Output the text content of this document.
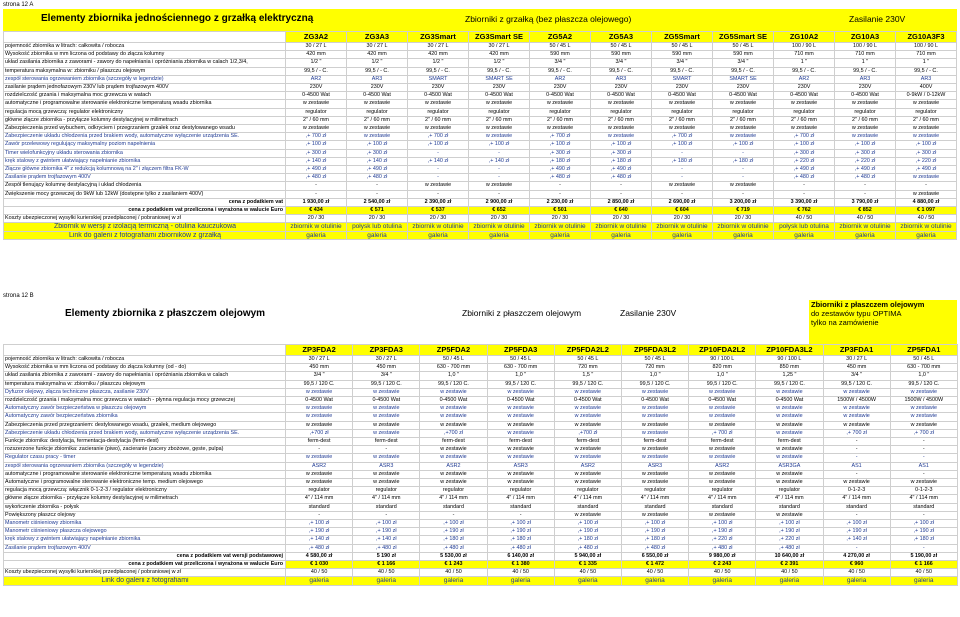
strona 12 A
Elementy zbiornika jednościennego z grzałką elektryczną	Zbiorniki z grzałką (bez płaszcza olejowego)	Zasilanie 230V
	ZG3A2	ZG3A3	ZG3Smart	ZG3Smart SE	ZG5A2	ZG5A3	ZG5Smart	ZG5Smart SE	ZG10A2	ZG10A3	ZG10A3F3
pojemność zbiornika w litrach: całkowita / robocza	30 / 27 L	30 / 27 L	30 / 27 L	30 / 27 L	50 / 45 L	50 / 45 L	50 / 45 L	50 / 45 L	100 / 90 L	100 / 90 L	100 / 90 L
Wysokość zbiornika w mm liczona od podstawy do złącza kolumny	420 mm	420 mm	420 mm	420 mm	590 mm	590 mm	590 mm	590 mm	710 mm	710 mm	710 mm
układ zasilania zbiornika z zaworami - zawory do napełniania i opróżniania zbiornika w calach 1/2,3/4,	1/2 "	1/2 "	1/2 "	1/2 "	3/4 "	3/4 "	3/4 "	3/4 "	1 "	1 "	1 "
temperatura maksymalna w: zbiorniku / płaszczu olejowym	99,5 / - C.	99,5 / - C.	99,5 / - C.	99,5 / - C.	99,5 / - C.	99,5 / - C.	99,5 / - C.	99,5 / - C.	99,5 / - C.	99,5 / - C.	99,5 / - C.
zespół sterowania ogrzewaniem zbiornika (szczegóły w legendzie)	AR2	AR3	SMART	SMART SE	AR2	AR3	SMART	SMART SE	AR2	AR3	AR3
zasilanie prądem jednofazowym 230V lub prądem trojfazowym 400V	230V	230V	230V	230V	230V	230V	230V	230V	230V	230V	400V
rozdzielczość grzania i maksymalna moc grzewcza w watach	0-4500 Wat	0-4500 Wat	0-4500 Wat	0-4500 Wat	0-4500 Wat	0-4500 Wat	0-4500 Wat	0-4500 Wat	0-4500 Wat	0-4500 Wat	0-9kW / 0-12kW
automatyczne i programowalne sterowanie elektroniczne temperaturą wsadu zbiornika	w zestawie	w zestawie	w zestawie	w zestawie	w zestawie	w zestawie	w zestawie	w zestawie	w zestawie	w zestawie	w zestawie
regulacja mocą grzewczą: regulator elektroniczny	regulator	regulator	regulator	regulator	regulator	regulator	regulator	regulator	regulator	regulator	regulator
główne złącze zbiornika - przyłącze kolumny destylacyjnej w milimetrach	2" / 60 mm	2" / 60 mm	2" / 60 mm	2" / 60 mm	2" / 60 mm	2" / 60 mm	2" / 60 mm	2" / 60 mm	2" / 60 mm	2" / 60 mm	2" / 60 mm
Zabezpieczenia przed wybuchem, odkryciem i przegrzaniem grzałek oraz destylowanego wsadu	w zestawie	w zestawie	w zestawie	w zestawie	w zestawie	w zestawie	w zestawie	w zestawie	w zestawie	w zestawie	w zestawie
Zabezpieczenie układu chłodzenia przed brakiem wody, automatyczne wyłączenie urządzenia SE.	,+ 700 zł	w zestawie	,+ 700 zł	w zestawie	,+ 700 zł	w zestawie	,+ 700 zł	w zestawie	,+ 700 zł	w zestawie	w zestawie
Zawór przelewowy regulujący maksymalny poziom napełnienia	,+ 100 zł	,+ 100 zł	,+ 100 zł	,+ 100 zł	,+ 100 zł	,+ 100 zł	,+ 100 zł	,+ 100 zł	,+ 100 zł	,+ 100 zł	,+ 100 zł
Timer wielofunkcyjny układu sterowania zbiornika	,+ 300 zł	,+ 300 zł	-	-	,+ 300 zł	,+ 300 zł	-	-	,+ 300 zł	,+ 300 zł	,+ 300 zł
kręk stalowy z gwintem ułatwiający napełnianie zbiornika	,+ 140 zł	,+ 140 zł	,+ 140 zł	,+ 140 zł	,+ 180 zł	,+ 180 zł	,+ 180 zł	,+ 180 zł	,+ 220 zł	,+ 220 zł	,+ 220 zł
Złącze główne zbiornika 4" z redukcją kolumnową na 2" i złączem filtra FK-W	,+ 490 zł	,+ 490 zł	-	-	,+ 490 zł	,+ 490 zł	-	-	,+ 490 zł	,+ 490 zł	,+ 490 zł
Zasilanie prądem trojfazowym 400V	,+ 480 zł	,+ 480 zł	-	-	,+ 480 zł	,+ 480 zł	-	-	,+ 480 zł	,+ 480 zł	w zestawie
Zespół tlenujący kolumnę destylacyjną i układ chłodzenia	-	-	w zestawie	w zestawie	-	-	w zestawie	w zestawie	-	-	-
Zwiększenie mocy grzewczej do 9kW lub 12kW (dostępne tylko z zasilaniem 400V)	-	-	-	-	-	-	-	-	-	-	w zestawie
cena z podatkiem vat	1 930,00 zł	2 540,00 zł	2 390,00 zł	2 900,00 zł	2 230,00 zł	2 850,00 zł	2 690,00 zł	3 200,00 zł	3 390,00 zł	3 790,00 zł	4 880,00 zł
cena z podatkiem vat przeliczona i wyrażona w walucie Euro	€ 434	€ 571	€ 537	€ 652	€ 501	€ 640	€ 604	€ 719	€ 762	€ 852	€ 1 097
Koszty ubezpieczonej wysyłki kurierskiej przedpłaconej / pobraniowej w zł	20 / 30	20 / 30	20 / 30	20 / 30	20 / 30	20 / 30	20 / 30	20 / 30	40 / 50	40 / 50	40 / 50
Zbiornik w wersji z izolacją termiczną - otulina kauczukowa	zbiornik w otulinie	połysk lub otulina	zbiornik w otulinie	zbiornik w otulinie	zbiornik w otulinie	zbiornik w otulinie	zbiornik w otulinie	zbiornik w otulinie	połysk lub otulina	zbiornik w otulinie	zbiornik w otulinie
Link do galerii z fotografiami zbiorników z grzałką	galeria	galeria	galeria	galeria	galeria	galeria	galeria	galeria	galeria	galeria	galeria
strona 12 B
Elementy zbiornika z płaszczem olejowym	Zbiorniki z płaszczem olejowym	Zasilanie 230V
Zbiorniki z płaszczem olejowym
do zestawów typu OPTIMA
tylko na zamówienie
	ZP3FDA2	ZP3FDA3	ZP5FDA2	ZP5FDA3	ZP5FDA2L2	ZP5FDA3L2	ZP10FDA2L2	ZP10FDA3L2	ZP3FDA1	ZP5FDA1
pojemność zbiornika w litrach: całkowita / robocza	30 / 27 L	30 / 27 L	50 / 45 L	50 / 45 L	50 / 45 L	50 / 45 L	90 / 100 L	90 / 100 L	30 / 27 L	50 / 45 L
Wysokość zbiornika w mm liczona od podstawy do złącza kolumny (od - do)	450 mm	450 mm	630 - 700 mm	630 - 700 mm	720 mm	720 mm	820 mm	850 mm	450 mm	630 - 700 mm
układ zasilania zbiornika z zaworami - zawory do napełniania i opróżniania zbiornika w calach	3/4 "	3/4 "	1,0 "	1,0 "	1,5 "	1,0 "	1,0 "	1,25 "	3/4 "	1,0 "
temperatura maksymalna w: zbiorniku / płaszczu olejowym	99,5 / 120 C.	99,5 / 120 C.	99,5 / 120 C.	99,5 / 120 C.	99,5 / 120 C.	99,5 / 120 C.	99,5 / 120 C.	99,5 / 120 C.	99,5 / 120 C.	99,5 / 120 C.
Dyfuzor olejowy, złącza techniczne płaszcza, zasilanie 230V	w zestawie	w zestawie	w zestawie	w zestawie	w zestawie	w zestawie	w zestawie	w zestawie	w zestawie	w zestawie
rozdzielczość grzania i maksymalna moc grzewcza w watach - płynna regulacja mocy grzewczej	0-4500 Wat	0-4500 Wat	0-4500 Wat	0-4500 Wat	0-4500 Wat	0-4500 Wat	0-4500 Wat	0-4500 Wat	1500W / 4500W	1500W / 4500W
Automatyczny zawór bezpieczeństwa w płaszczu olejowym	w zestawie	w zestawie	w zestawie	w zestawie	w zestawie	w zestawie	w zestawie	w zestawie	w zestawie	w zestawie
Automatyczny zawór bezpieczeństwa zbiornika	w zestawie	w zestawie	w zestawie	w zestawie	w zestawie	w zestawie	w zestawie	w zestawie	w zestawie	w zestawie
Zabezpieczenia przed przegrzaniem: destylowanego wsadu, grzałek, medium olejowego	w zestawie	w zestawie	w zestawie	w zestawie	w zestawie	w zestawie	w zestawie	w zestawie	w zestawie	w zestawie
Zabezpieczenie układu chłodzenia przed brakiem wody, automatyczne wyłączenie urządzenia SE.	,+700 zł	w zestawie	,+700 zł	w zestawie	,+700 zł	w zestawie	,+ 700 zł	w zestawie	,+ 700 zł	,+ 700 zł
Funkcje zbiornika: destylacja, fermentacja-destylacja (ferm-dest)	ferm-dest	ferm-dest	ferm-dest	ferm-dest	ferm-dest	ferm-dest	ferm-dest	ferm-dest	-	-
rozszerzone funkcje zbiornika: zacieranie (piwo), zacieranie (zacery zbożowe, gęste, pulpa)	-	-	w zestawie	w zestawie	w zestawie	w zestawie	w zestawie	w zestawie	-	-
Regulator czasu pracy - timer	w zestawie	w zestawie	w zestawie	w zestawie	w zestawie	w zestawie	w zestawie	w zestawie	-	-
zespół sterowania ogrzewaniem zbiornika (szczegóły w legendzie)	ASR2	ASR3	ASR2	ASR3	ASR2	ASR3	ASR2	ASR3GA	AS1	AS1
automatyczne i programowalne sterowanie elektroniczne temperaturą wsadu zbiornika	w zestawie	w zestawie	w zestawie	w zestawie	w zestawie	w zestawie	w zestawie	w zestawie	-	-
Automatyczne i programowalne sterowanie elektroniczne temp. medium olejowego	w zestawie	w zestawie	w zestawie	w zestawie	w zestawie	w zestawie	w zestawie	w zestawie	w zestawie	w zestawie
regulacja mocą grzewczą: włącznik 0-1-2-3 / regulator elektroniczny	regulator	regulator	regulator	regulator	regulator	regulator	regulator	regulator	0-1-2-3	0-1-2-3
główne złącze zbiornika - przyłącze kolumny destylacyjnej w milimetrach	4" / 114 mm	4" / 114 mm	4" / 114 mm	4" / 114 mm	4" / 114 mm	4" / 114 mm	4" / 114 mm	4" / 114 mm	4" / 114 mm	4" / 114 mm
wykończenie zbiornika - połysk	standard	standard	standard	standard	standard	standard	standard	standard	standard	standard
Powiększony płaszcz olejowy	-	-	-	-	w zestawie	w zestawie	w zestawie	w zestawie	-	-
Manometr ciśnieniowy zbiornika	,+ 100 zł	,+ 100 zł	,+ 100 zł	,+ 100 zł	,+ 100 zł	,+ 100 zł	,+ 100 zł	,+ 100 zł	,+ 100 zł	,+ 100 zł
Manometr ciśnieniowy płaszcza olejowego	,+ 190 zł	,+ 190 zł	,+ 190 zł	,+ 190 zł	,+ 190 zł	,+ 190 zł	,+ 190 zł	,+ 190 zł	,+ 190 zł	,+ 190 zł
kręk stalowy z gwintem ułatwiający napełnianie zbiornika	,+ 140 zł	,+ 140 zł	,+ 180 zł	,+ 180 zł	,+ 180 zł	,+ 180 zł	,+ 220 zł	,+ 220 zł	,+ 140 zł	,+ 180 zł
Zasilanie prądem trojfazowym 400V	,+ 480 zł	,+ 480 zł	,+ 480 zł	,+ 480 zł	,+ 480 zł	,+ 480 zł	,+ 480 zł	,+ 480 zł	-	-
cena z podatkiem vat wersji podstawowej	4 580,00 zł	5 190 zł	5 530,00 zł	6 140,00 zł	5 940,00 zł	6 550,00 zł	9 980,00 zł	10 640,00 zł	4 270,00 zł	5 190,00 zł
cena z podatkiem vat przeliczona i wyrażona w walucie Euro	€ 1 030	€ 1 166	€ 1 243	€ 1 380	€ 1 335	€ 1 472	€ 2 243	€ 2 391	€ 960	€ 1 166
Koszty ubezpieczonej wysyłki kurierskiej przedpłaconej / pobraniowej w zł	40 / 50	40 / 50	40 / 50	40 / 50	40 / 50	40 / 50	40 / 50	40 / 50	40 / 50	40 / 50
Link do galerii z fotografiami	galeria	galeria	galeria	galeria	galeria	galeria	galeria	galeria	galeria	galeria
